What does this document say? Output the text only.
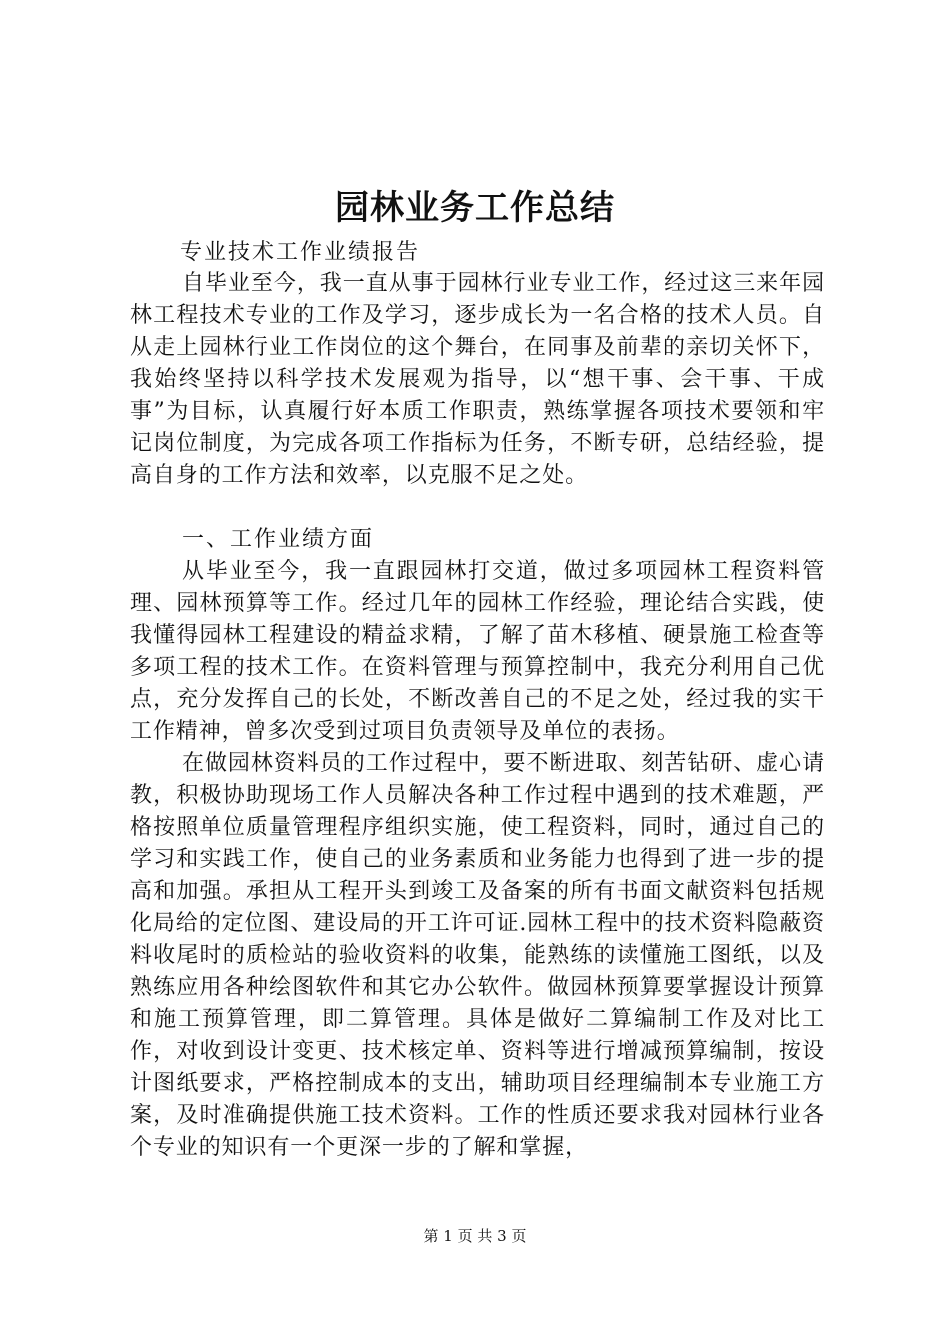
园林业务工作总结
专业技术工作业绩报告

自毕业至今，我一直从事于园林行业专业工作，经过这三来年园林工程技术专业的工作及学习，逐步成长为一名合格的技术人员。自从走上园林行业工作岗位的这个舞台，在同事及前辈的亲切关怀下，我始终坚持以科学技术发展观为指导，以“想干事、会干事、干成事”为目标，认真履行好本质工作职责，熟练掌握各项技术要领和牢记岗位制度，为完成各项工作指标为任务，不断专研，总结经验，提高自身的工作方法和效率，以克服不足之处。

一、工作业绩方面

从毕业至今，我一直跟园林打交道，做过多项园林工程资料管理、园林预算等工作。经过几年的园林工作经验，理论结合实践，使我懂得园林工程建设的精益求精，了解了苗木移植、硬景施工检查等多项工程的技术工作。在资料管理与预算控制中，我充分利用自己优点，充分发挥自己的长处，不断改善自己的不足之处，经过我的实干工作精神，曾多次受到过项目负责领导及单位的表扬。

在做园林资料员的工作过程中，要不断进取、刻苦钻研、虚心请教，积极协助现场工作人员解决各种工作过程中遇到的技术难题，严格按照单位质量管理程序组织实施，使工程资料，同时，通过自己的学习和实践工作，使自己的业务素质和业务能力也得到了进一步的提高和加强。承担从工程开头到竣工及备案的所有书面文献资料包括规化局给的定位图、建设局的开工许可证.园林工程中的技术资料隐蔽资料收尾时的质检站的验收资料的收集，能熟练的读懂施工图纸，以及熟练应用各种绘图软件和其它办公软件。做园林预算要掌握设计预算和施工预算管理，即二算管理。具体是做好二算编制工作及对比工作，对收到设计变更、技术核定单、资料等进行增减预算编制，按设计图纸要求，严格控制成本的支出，辅助项目经理编制本专业施工方案，及时准确提供施工技术资料。工作的性质还要求我对园林行业各个专业的知识有一个更深一步的了解和掌握，

第 1 页 共 3 页
